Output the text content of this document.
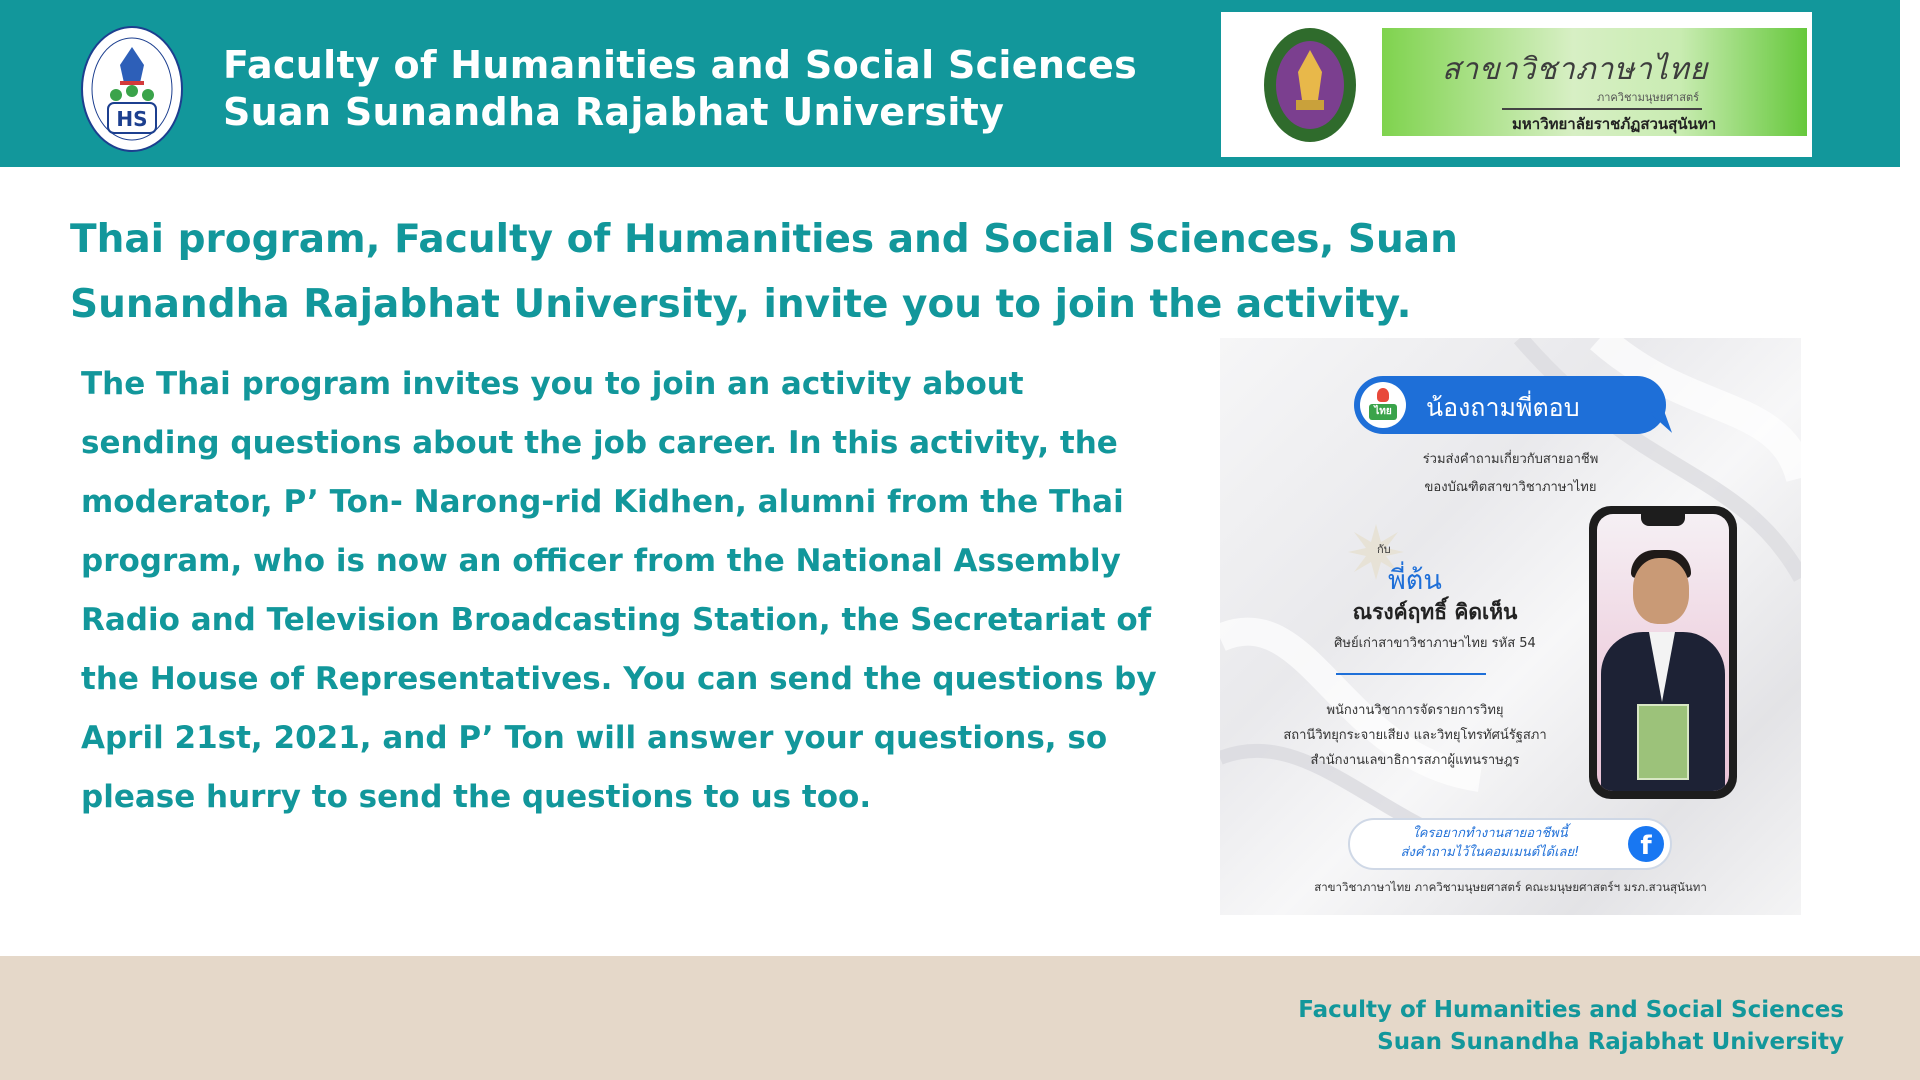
HS
Faculty of Humanities and Social Sciences
Suan Sunandha Rajabhat University
สาขาวิชาภาษาไทย
ภาควิชามนุษยศาสตร์
มหาวิทยาลัยราชภัฏสวนสุนันทา
Thai program, Faculty of Humanities and Social Sciences, Suan Sunandha Rajabhat University, invite you to join the activity.
The Thai program invites you to join an activity about sending questions about the job career. In this activity, the moderator, P’ Ton- Narong-rid Kidhen, alumni from the Thai program, who is now an officer from the National Assembly Radio and Television Broadcasting Station, the Secretariat of the House of Representatives. You can send the questions by April 21st, 2021, and P’ Ton will answer your questions, so please hurry to send the questions to us too.
ไทย น้องถามพี่ตอบ
ร่วมส่งคำถามเกี่ยวกับสายอาชีพ
ของบัณฑิตสาขาวิชาภาษาไทย
กับ
พี่ต้น
ณรงค์ฤทธิ์ คิดเห็น
ศิษย์เก่าสาขาวิชาภาษาไทย รหัส 54
พนักงานวิชาการจัดรายการวิทยุ
สถานีวิทยุกระจายเสียง และวิทยุโทรทัศน์รัฐสภา
สำนักงานเลขาธิการสภาผู้แทนราษฎร
ใครอยากทำงานสายอาชีพนี้
ส่งคำถามไว้ในคอมเมนต์ได้เลย!	f
สาขาวิชาภาษาไทย ภาควิชามนุษยศาสตร์ คณะมนุษยศาสตร์ฯ มรภ.สวนสุนันทา
Faculty of Humanities and Social Sciences
Suan Sunandha Rajabhat University
